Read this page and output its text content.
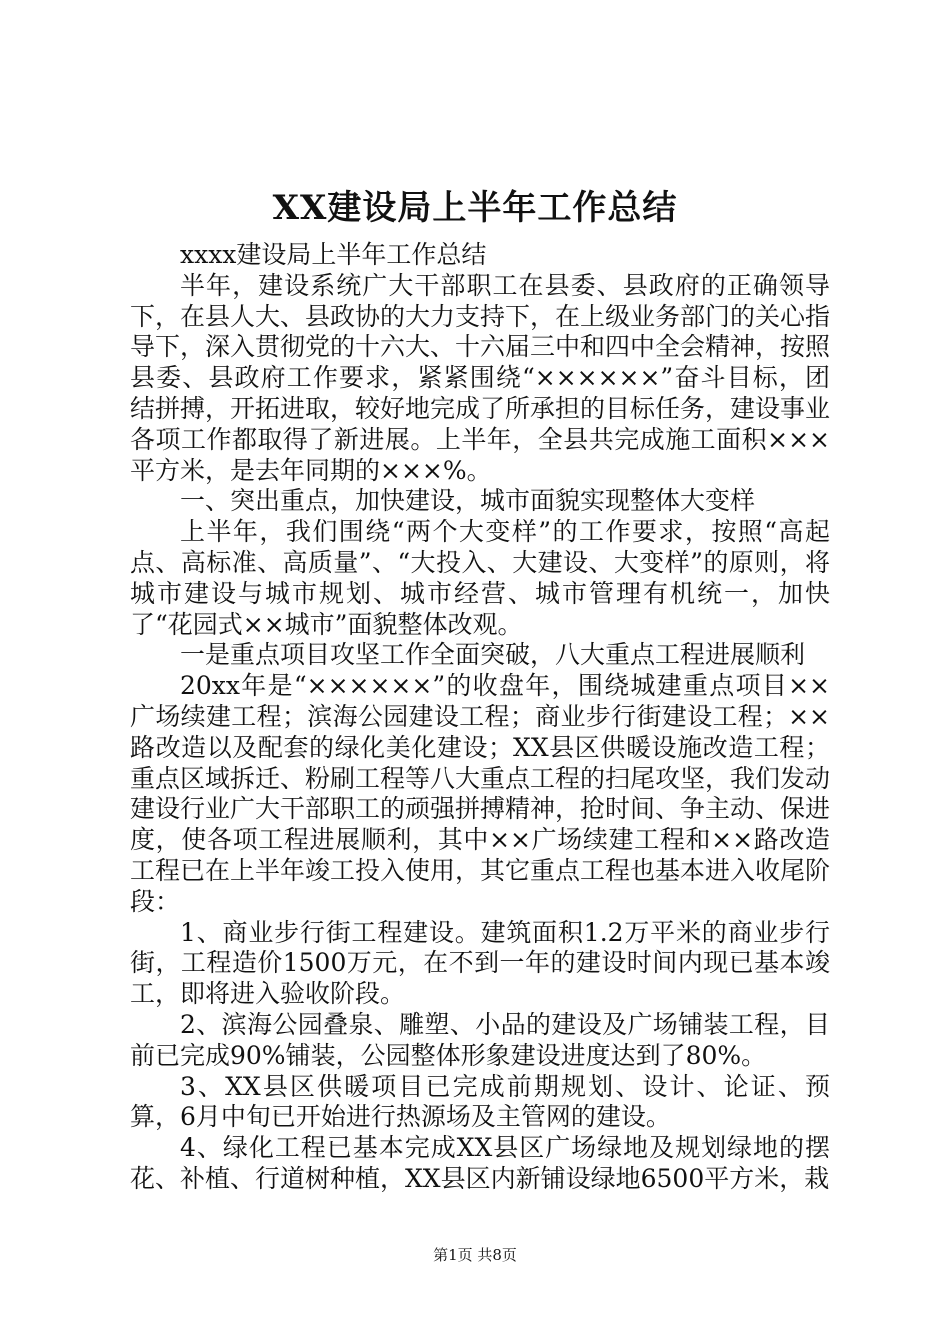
XX建设局上半年工作总结

xxxx建设局上半年工作总结

半年，建设系统广大干部职工在县委、县政府的正确领导下，在县人大、县政协的大力支持下，在上级业务部门的关心指导下，深入贯彻党的十六大、十六届三中和四中全会精神，按照县委、县政府工作要求，紧紧围绕“××××××”奋斗目标，团结拼搏，开拓进取，较好地完成了所承担的目标任务，建设事业各项工作都取得了新进展。上半年，全县共完成施工面积×××平方米，是去年同期的×××%。

一、突出重点，加快建设，城市面貌实现整体大变样

上半年，我们围绕“两个大变样”的工作要求，按照“高起点、高标准、高质量”、“大投入、大建设、大变样”的原则，将城市建设与城市规划、城市经营、城市管理有机统一，加快了“花园式××城市”面貌整体改观。

一是重点项目攻坚工作全面突破，八大重点工程进展顺利

20xx年是“××××××”的收盘年，围绕城建重点项目××广场续建工程；滨海公园建设工程；商业步行街建设工程；××路改造以及配套的绿化美化建设；XX县区供暖设施改造工程；重点区域拆迁、粉刷工程等八大重点工程的扫尾攻坚，我们发动建设行业广大干部职工的顽强拼搏精神，抢时间、争主动、保进度，使各项工程进展顺利，其中××广场续建工程和××路改造工程已在上半年竣工投入使用，其它重点工程也基本进入收尾阶段：

1、商业步行街工程建设。建筑面积1.2万平米的商业步行街，工程造价1500万元，在不到一年的建设时间内现已基本竣工，即将进入验收阶段。

2、滨海公园叠泉、雕塑、小品的建设及广场铺装工程，目前已完成90%铺装，公园整体形象建设进度达到了80%。

3、XX县区供暖项目已完成前期规划、设计、论证、预算，6月中旬已开始进行热源场及主管网的建设。

4、绿化工程已基本完成XX县区广场绿地及规划绿地的摆花、补植、行道树种植，XX县区内新铺设绿地6500平方米，栽

第1页 共8页
